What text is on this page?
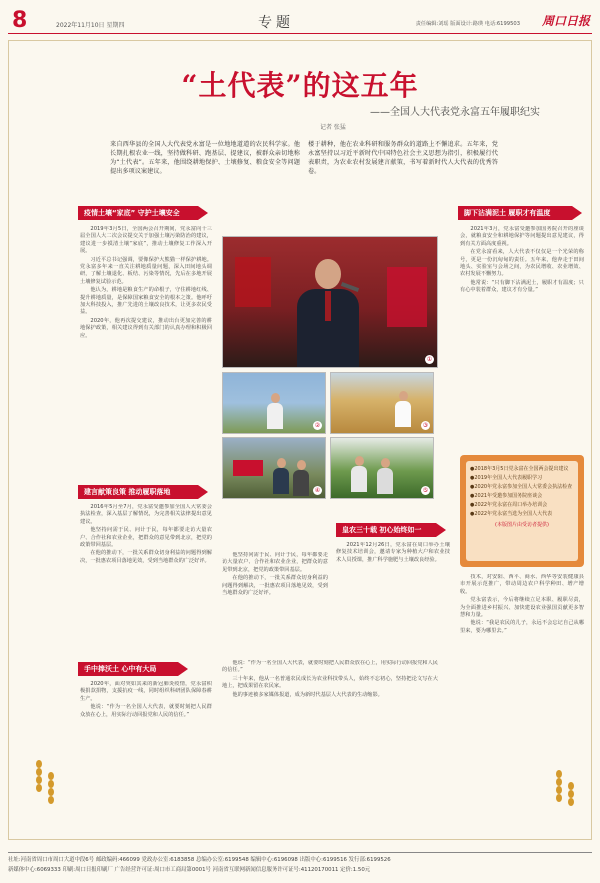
8	2022年11月10日 星期四	专题	责任编辑:刘瑶 版面设计:路瑛 电话:6199503 周口日报
“土代表”的这五年
——全国人大代表党永富五年履职纪实
记者 张猛
来自西华县的全国人大代表党永富是一位地地道道的农民科学家。他长期扎根农业一线，坚持做科研、跑基层、提建议，被群众亲切地称为“土代表”。五年来，他围绕耕地保护、土壤修复、粮食安全等问题提出多项议案建议。
楼于耕种，他在农业科研和服务群众的道路上不懈追求。五年来，党永富坚持以习近平新时代中国特色社会主义思想为指引，积极履行代表职责，为农业农村发展建言献策，书写着新时代人大代表的优秀答卷。
疫情土壤“家底” 守护土壤安全

2019年3月5日，全国两会召开期间，党永富向十三届全国人大二次会议提交关于加强土壤污染防治的建议，建议进一步摸清土壤“家底”，推动土壤修复工作深入开展。

习近平总书记强调，要像保护大熊猫一样保护耕地。党永富多年来一直关注耕地质量问题，深入田间地头调研，了解土壤退化、板结、污染等情况，先后在多地开展土壤修复试验示范。

他认为，耕地是粮食生产的命根子，守住耕地红线、提升耕地质量，是保障国家粮食安全的根本之策。他呼吁加大科技投入，推广先进的土壤改良技术，让更多农民受益。

2020年，他再次提交建议，推动出台更加完善的耕地保护政策，相关建议得到有关部门的认真办理和积极回应。

建言献策良策 推动履职落地

2016年5月至7月，党永富受邀参加全国人大常委会执法检查，深入基层了解情况，为完善相关法律提出意见建议。

他坚持问需于民、问计于民，每年都要走访大量农户、合作社和农业企业，把群众的意见带到北京，把党的政策带回基层。

在他的推动下，一批关系群众切身利益的问题得到解决，一批惠农项目落地见效，受到当地群众的广泛好评。

手中捧沃土 心中有大局

2020年，面对突如其来的新冠肺炎疫情，党永富积极捐款捐物，支援抗疫一线，同时组织科研团队保障春耕生产。

他说：“作为一名全国人大代表，就要时刻把人民群众放在心上，用实际行动回报党和人民的信任。”

他坚持问需于民、问计于民，每年都要走访大量农户、合作社和农业企业，把群众的意见带到北京，把党的政策带回基层。

在他的推动下，一批关系群众切身利益的问题得到解决，一批惠农项目落地见效，受到当地群众的广泛好评。

他说：“作为一名全国人大代表，就要时刻把人民群众放在心上，用实际行动回报党和人民的信任。”

三十年来，他从一名普通农民成长为农业科技带头人，始终不忘初心，坚持把论文写在大地上，把成果留在农民家。

他的事迹被多家媒体报道，成为新时代基层人大代表的生动缩影。

脚下沾满泥土 履职才有温度

2021年3月，党永富受邀参加国务院召开的座谈会，就粮食安全和耕地保护等问题提出意见建议，得到有关方面高度重视。

在党永富看来，人大代表不仅仅是一个光荣的称号，更是一份沉甸甸的责任。五年来，他奔走于田间地头、实验室与会场之间，为农民增收、农业增效、农村发展不懈努力。

他常说：“只有脚下沾满泥土，履职才有温度；只有心中装着群众，建议才有分量。”

●2018年3月5日党永富在全国两会提出建议
●2019年全国人大代表履职学习
●2020年党永富参加全国人大常委会执法检查
●2021年受邀参加国务院座谈会
●2022年党永富在周口举办培训会
●2022年党永富当选为全国人大代表
(本版图片由受访者提供)
皇农三十载 初心始终如一

2021年12月26日，党永富在周口举办土壤修复技术培训会，邀请专家为种植大户和农业技术人员授课，推广科学施肥与土壤改良经验。

技术，对安阳、西平、商水、西华等安装健康县市开展示范推广，带动周边农户科学种田、增产增收。

党永富表示，今后将继续立足本职、履职尽责，为全面推进乡村振兴、加快建设农业强国贡献更多智慧和力量。

他说：“我是农民的儿子，永远不会忘记自己从哪里来，要为哪里去。”

①
②	③
④	⑤
社址:河南省周口市周口大道中段6号 邮政编码:466099 党政办公室:6183858 总编办公室:6199548 编辑中心:6196098 出版中心:6199516 发行部:6199526
新媒体中心:6069333 印刷:周口日报印刷厂 广告经营许可证:周口市工商局第0001号 河南省互联网新闻信息服务许可证号:41120170011 定价:1.50元
